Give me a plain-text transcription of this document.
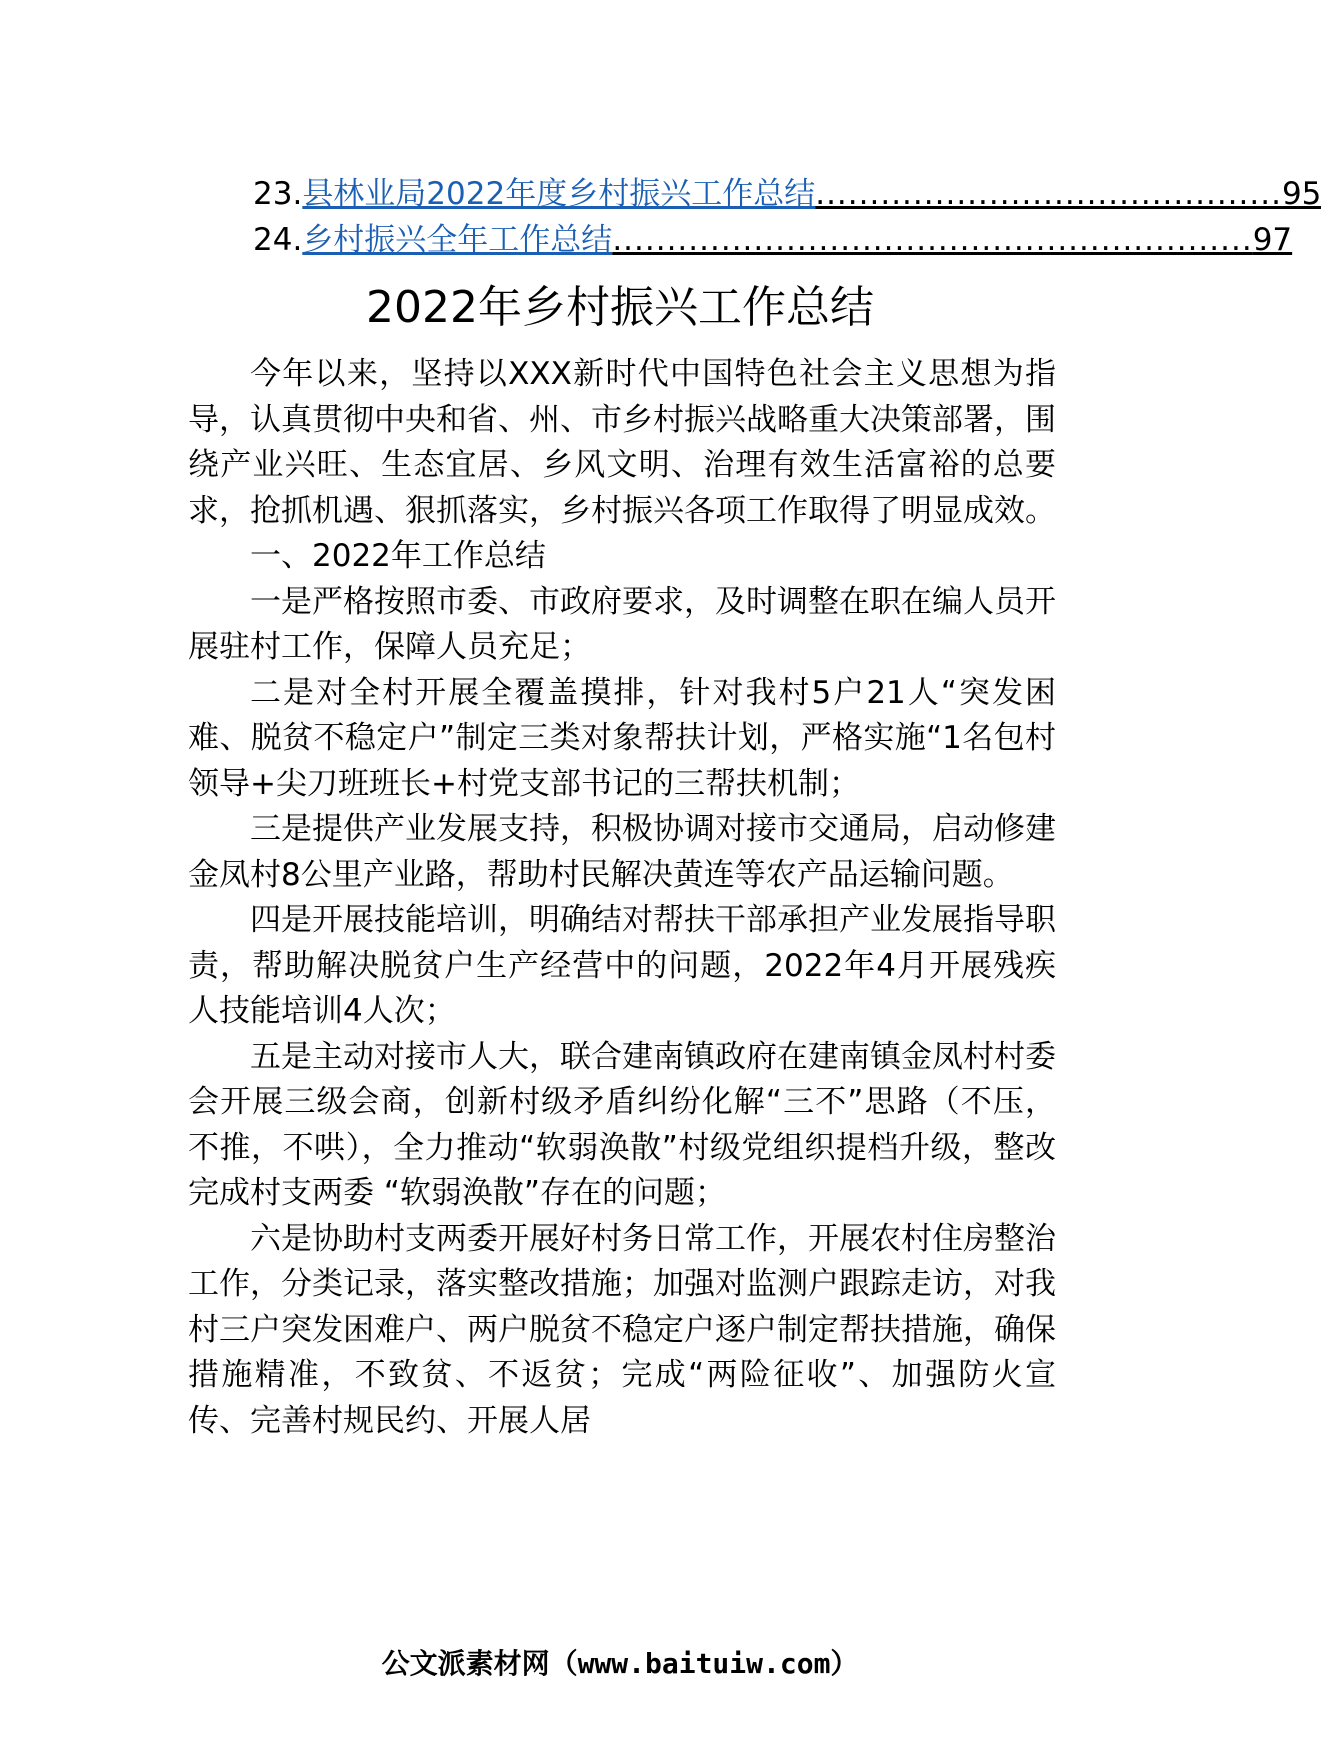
23. 县林业局2022年度乡村振兴工作总结 ........................................... 95
24. 乡村振兴全年工作总结 ........................................................... 97
2022年乡村振兴工作总结

今年以来，坚持以XXX新时代中国特色社会主义思想为指导，认真贯彻中央和省、州、市乡村振兴战略重大决策部署，围绕产业兴旺、生态宜居、乡风文明、治理有效生活富裕的总要求，抢抓机遇、狠抓落实，乡村振兴各项工作取得了明显成效。

一、2022年工作总结

一是严格按照市委、市政府要求，及时调整在职在编人员开展驻村工作，保障人员充足；

二是对全村开展全覆盖摸排，针对我村5户21人“突发困难、脱贫不稳定户”制定三类对象帮扶计划，严格实施“1名包村领导+尖刀班班长+村党支部书记的三帮扶机制；

三是提供产业发展支持，积极协调对接市交通局，启动修建金凤村8公里产业路，帮助村民解决黄连等农产品运输问题。

四是开展技能培训，明确结对帮扶干部承担产业发展指导职责，帮助解决脱贫户生产经营中的问题，2022年4月开展残疾人技能培训4人次；

五是主动对接市人大，联合建南镇政府在建南镇金凤村村委会开展三级会商，创新村级矛盾纠纷化解“三不”思路（不压，不推，不哄），全力推动“软弱涣散”村级党组织提档升级，整改完成村支两委 “软弱涣散”存在的问题；

六是协助村支两委开展好村务日常工作，开展农村住房整治工作，分类记录，落实整改措施；加强对监测户跟踪走访，对我村三户突发困难户、两户脱贫不稳定户逐户制定帮扶措施，确保措施精准，不致贫、不返贫；完成“两险征收”、加强防火宣传、完善村规民约、开展人居

公文派素材网（www.baituiw.com）
